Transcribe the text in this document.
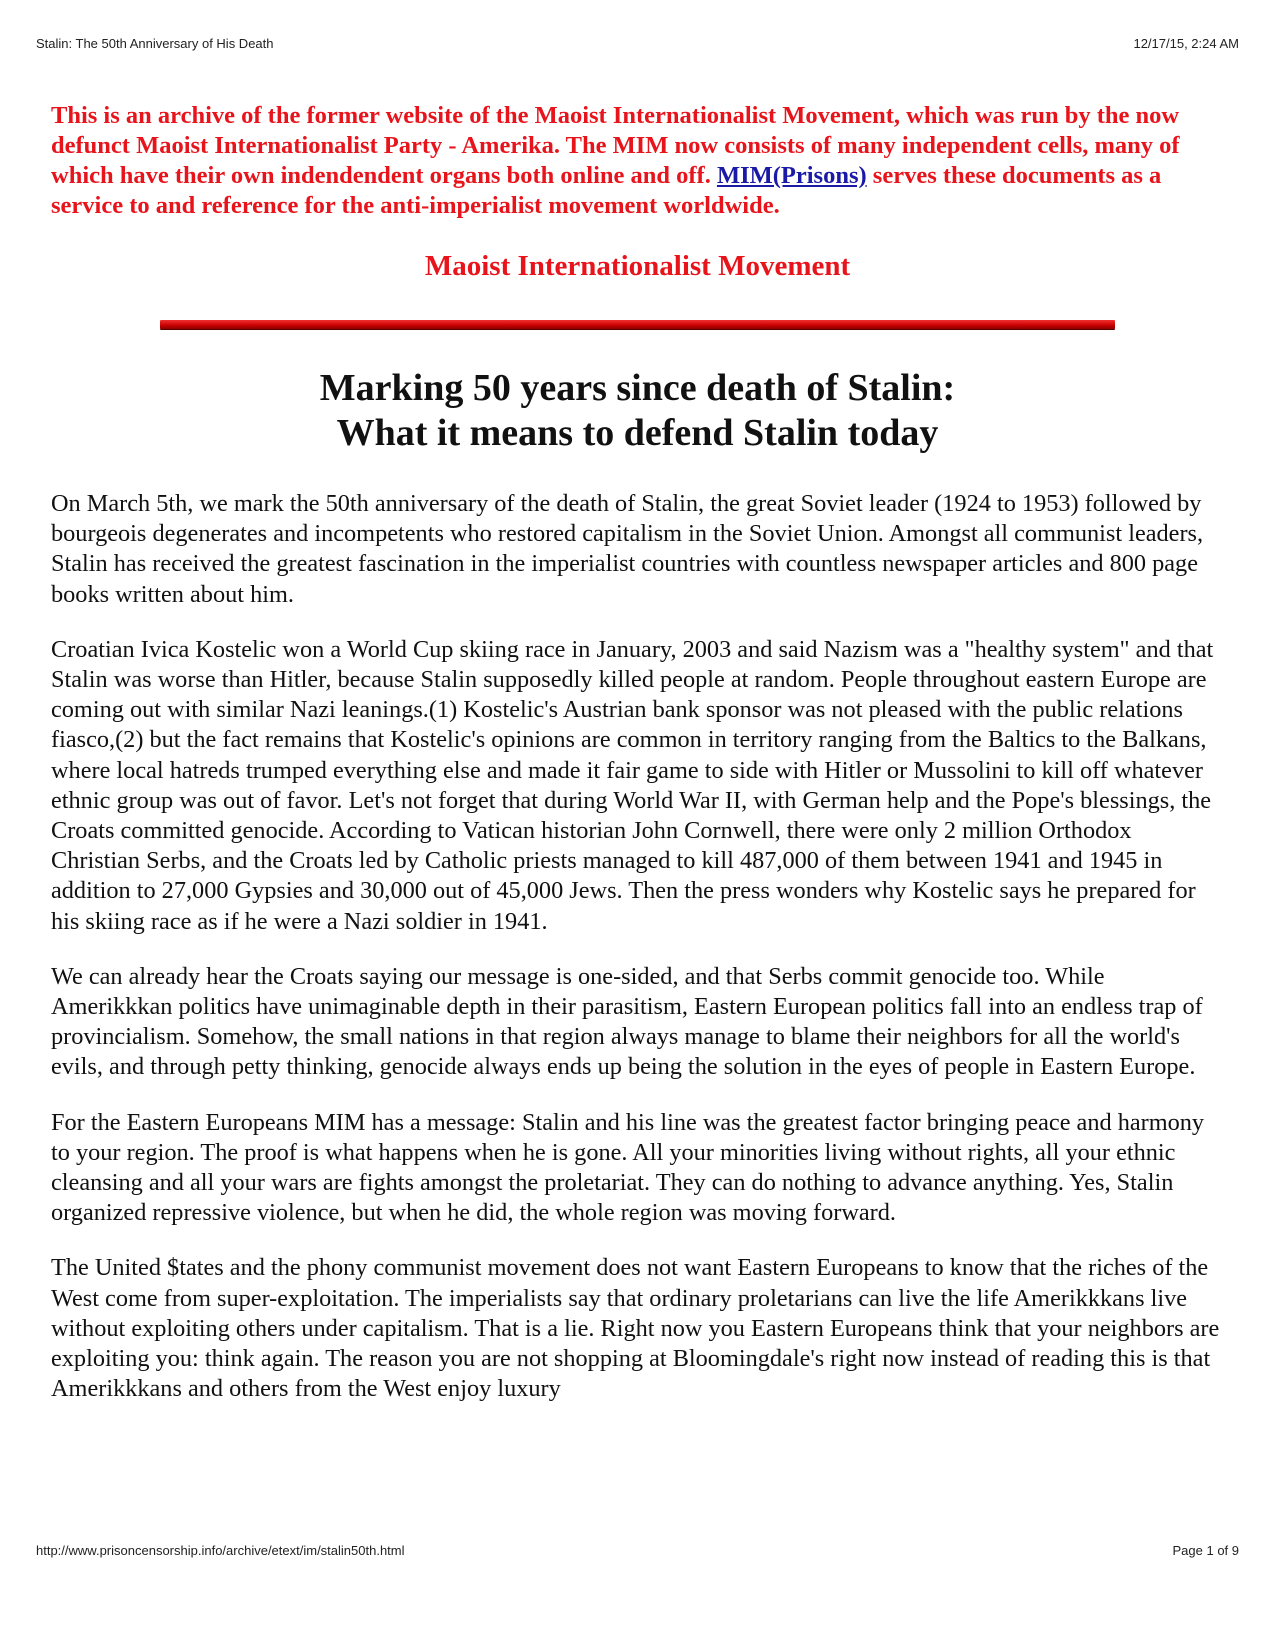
Stalin: The 50th Anniversary of His Death	12/17/15, 2:24 AM
This is an archive of the former website of the Maoist Internationalist Movement, which was run by the now defunct Maoist Internationalist Party - Amerika. The MIM now consists of many independent cells, many of which have their own indendendent organs both online and off. MIM(Prisons) serves these documents as a service to and reference for the anti-imperialist movement worldwide.
Maoist Internationalist Movement
Marking 50 years since death of Stalin:
What it means to defend Stalin today

On March 5th, we mark the 50th anniversary of the death of Stalin, the great Soviet leader (1924 to 1953) followed by bourgeois degenerates and incompetents who restored capitalism in the Soviet Union. Amongst all communist leaders, Stalin has received the greatest fascination in the imperialist countries with countless newspaper articles and 800 page books written about him.

Croatian Ivica Kostelic won a World Cup skiing race in January, 2003 and said Nazism was a "healthy system" and that Stalin was worse than Hitler, because Stalin supposedly killed people at random. People throughout eastern Europe are coming out with similar Nazi leanings.(1) Kostelic's Austrian bank sponsor was not pleased with the public relations fiasco,(2) but the fact remains that Kostelic's opinions are common in territory ranging from the Baltics to the Balkans, where local hatreds trumped everything else and made it fair game to side with Hitler or Mussolini to kill off whatever ethnic group was out of favor. Let's not forget that during World War II, with German help and the Pope's blessings, the Croats committed genocide. According to Vatican historian John Cornwell, there were only 2 million Orthodox Christian Serbs, and the Croats led by Catholic priests managed to kill 487,000 of them between 1941 and 1945 in addition to 27,000 Gypsies and 30,000 out of 45,000 Jews. Then the press wonders why Kostelic says he prepared for his skiing race as if he were a Nazi soldier in 1941.

We can already hear the Croats saying our message is one-sided, and that Serbs commit genocide too. While Amerikkkan politics have unimaginable depth in their parasitism, Eastern European politics fall into an endless trap of provincialism. Somehow, the small nations in that region always manage to blame their neighbors for all the world's evils, and through petty thinking, genocide always ends up being the solution in the eyes of people in Eastern Europe.

For the Eastern Europeans MIM has a message: Stalin and his line was the greatest factor bringing peace and harmony to your region. The proof is what happens when he is gone. All your minorities living without rights, all your ethnic cleansing and all your wars are fights amongst the proletariat. They can do nothing to advance anything. Yes, Stalin organized repressive violence, but when he did, the whole region was moving forward.

The United $tates and the phony communist movement does not want Eastern Europeans to know that the riches of the West come from super-exploitation. The imperialists say that ordinary proletarians can live the life Amerikkkans live without exploiting others under capitalism. That is a lie. Right now you Eastern Europeans think that your neighbors are exploiting you: think again. The reason you are not shopping at Bloomingdale's right now instead of reading this is that Amerikkkans and others from the West enjoy luxury

http://www.prisoncensorship.info/archive/etext/im/stalin50th.html	Page 1 of 9
